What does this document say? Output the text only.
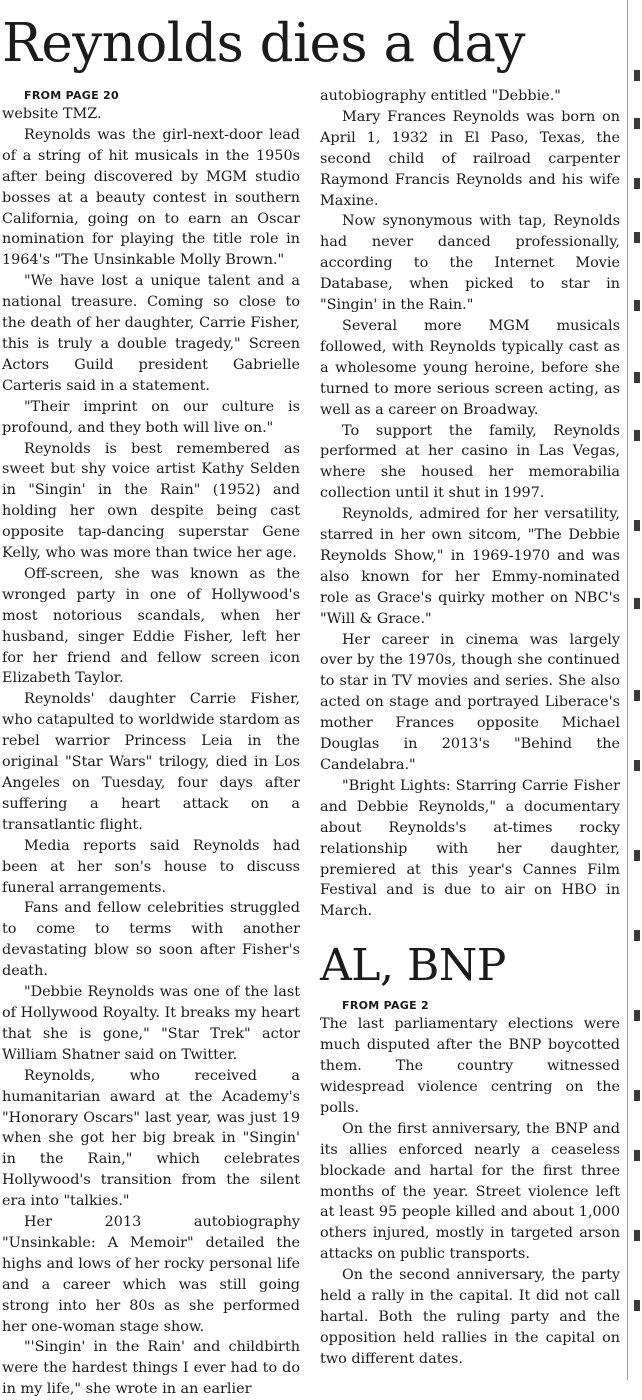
Reynolds dies a day

FROM PAGE 20

website TMZ.

Reynolds was the girl-next-door lead of a string of hit musicals in the 1950s after being discovered by MGM studio bosses at a beauty contest in southern California, going on to earn an Oscar nomination for playing the title role in 1964's "The Unsinkable Molly Brown."

"We have lost a unique talent and a national treasure. Coming so close to the death of her daughter, Carrie Fisher, this is truly a double tragedy," Screen Actors Guild president Gabrielle Carteris said in a statement.

"Their imprint on our culture is profound, and they both will live on."

Reynolds is best remembered as sweet but shy voice artist Kathy Selden in "Singin' in the Rain" (1952) and holding her own despite being cast opposite tap-dancing superstar Gene Kelly, who was more than twice her age.

Off-screen, she was known as the wronged party in one of Hollywood's most notorious scandals, when her husband, singer Eddie Fisher, left her for her friend and fellow screen icon Elizabeth Taylor.

Reynolds' daughter Carrie Fisher, who catapulted to worldwide stardom as rebel warrior Princess Leia in the original "Star Wars" trilogy, died in Los Angeles on Tuesday, four days after suffering a heart attack on a transatlantic flight.

Media reports said Reynolds had been at her son's house to discuss funeral arrangements.

Fans and fellow celebrities struggled to come to terms with another devastating blow so soon after Fisher's death.

"Debbie Reynolds was one of the last of Hollywood Royalty. It breaks my heart that she is gone," "Star Trek" actor William Shatner said on Twitter.

Reynolds, who received a humanitarian award at the Academy's "Honorary Oscars" last year, was just 19 when she got her big break in "Singin' in the Rain," which celebrates Hollywood's transition from the silent era into "talkies."

Her 2013 autobiography "Unsinkable: A Memoir" detailed the highs and lows of her rocky personal life and a career which was still going strong into her 80s as she performed her one-woman stage show.

"'Singin' in the Rain' and childbirth were the hardest things I ever had to do in my life," she wrote in an earlier

autobiography entitled "Debbie."

Mary Frances Reynolds was born on April 1, 1932 in El Paso, Texas, the second child of railroad carpenter Raymond Francis Reynolds and his wife Maxine.

Now synonymous with tap, Reynolds had never danced professionally, according to the Internet Movie Database, when picked to star in "Singin' in the Rain."

Several more MGM musicals followed, with Reynolds typically cast as a wholesome young heroine, before she turned to more serious screen acting, as well as a career on Broadway.

To support the family, Reynolds performed at her casino in Las Vegas, where she housed her memorabilia collection until it shut in 1997.

Reynolds, admired for her versatility, starred in her own sitcom, "The Debbie Reynolds Show," in 1969-1970 and was also known for her Emmy-nominated role as Grace's quirky mother on NBC's "Will & Grace."

Her career in cinema was largely over by the 1970s, though she continued to star in TV movies and series. She also acted on stage and portrayed Liberace's mother Frances opposite Michael Douglas in 2013's "Behind the Candelabra."

"Bright Lights: Starring Carrie Fisher and Debbie Reynolds," a documentary about Reynolds's at-times rocky relationship with her daughter, premiered at this year's Cannes Film Festival and is due to air on HBO in March.

AL, BNP

FROM PAGE 2

The last parliamentary elections were much disputed after the BNP boycotted them. The country witnessed widespread violence centring on the polls.

On the first anniversary, the BNP and its allies enforced nearly a ceaseless blockade and hartal for the first three months of the year. Street violence left at least 95 people killed and about 1,000 others injured, mostly in targeted arson attacks on public transports.

On the second anniversary, the party held a rally in the capital. It did not call hartal. Both the ruling party and the opposition held rallies in the capital on two different dates.
